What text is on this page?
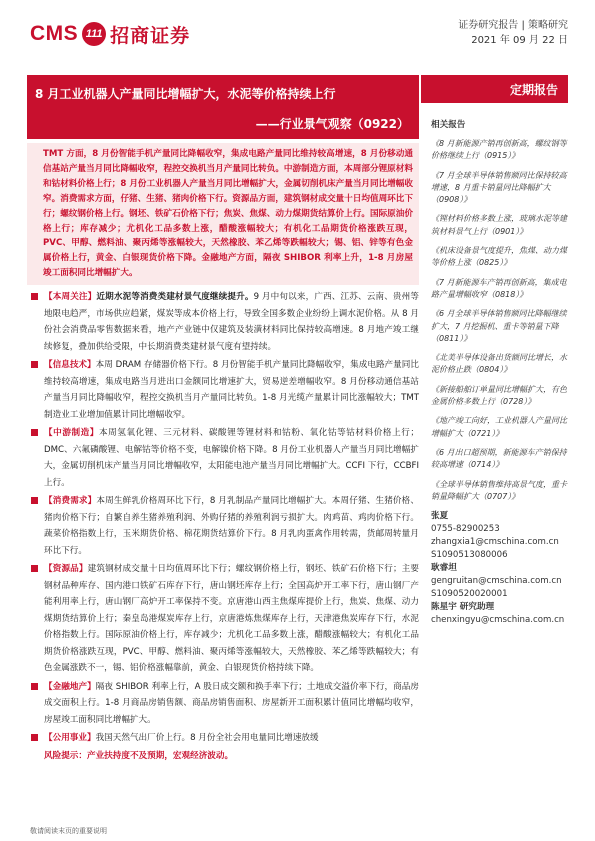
CMS 111 招商证券	证券研究报告 | 策略研究
2021 年 09 月 22 日
8 月工业机器人产量同比增幅扩大，水泥等价格持续上行
——行业景气观察（0922）
定期报告
TMT 方面，8 月份智能手机产量同比降幅收窄，集成电路产量同比维持较高增速，8 月份移动通信基站产量当月同比降幅收窄，程控交换机当月产量同比转负。中游制造方面，本周部分锂原材料和钴材料价格上行；8 月份工业机器人产量当月同比增幅扩大，金属切削机床产量当月同比增幅收窄。消费需求方面，仔猪、生猪、猪肉价格下行。资源品方面，建筑钢材成交量十日均值周环比下行；螺纹钢价格上行。钢坯、铁矿石价格下行；焦炭、焦煤、动力煤期货结算价上行。国际原油价格上行；库存减少；尤机化工品多数上涨，醋酸涨幅较大；有机化工品期货价格涨跌互现，PVC、甲醇、燃料油、聚丙烯等涨幅较大，天然橡胶、苯乙烯等跌幅较大；锡、铝、锌等有色金属价格上行，黄金、白银现货价格下降。金融地产方面，隔夜 SHIBOR 利率上升，1-8 月房屋竣工面积同比增幅扩大。
【本周关注】近期水泥等消费类建材景气度继续提升。9 月中旬以来，广西、江苏、云南、贵州等地限电趋严，市场供应趋紧，煤炭等成本价格上行，导致全国多数企业纷纷上调水泥价格。从 8 月份社会消费品零售数据来看，地产产业链中仅建筑及装潢材料同比保持较高增速。8 月地产竣工继续修复，叠加供给受限，中长期消费类建材景气度有望持续。
【信息技术】本周 DRAM 存储器价格下行。8 月份智能手机产量同比降幅收窄，集成电路产量同比维持较高增速，集成电路当月进出口金额同比增速扩大，贸易逆差增幅收窄。8 月份移动通信基站产量当月同比降幅收窄，程控交换机当月产量同比转负。1-8 月光缆产量累计同比涨幅较大；TMT 制造业工业增加值累计同比增幅收窄。
【中游制造】本周氢氧化锂、三元材料、碳酸锂等锂材料和钴粉、氧化钴等钴材料价格上行；DMC、六氟磷酸锂、电解钴等价格不变，电解镍价格下降。8 月份工业机器人产量当月同比增幅扩大，金属切削机床产量当月同比增幅收窄，太阳能电池产量当月同比增幅扩大。CCFI 下行，CCBFI 上行。
【消费需求】本周生鲜乳价格周环比下行，8 月乳制品产量同比增幅扩大。本周仔猪、生猪价格、猪肉价格下行；自繁自养生猪养殖利润、外购仔猪的养殖利润亏损扩大。肉鸡苗、鸡肉价格下行。蔬菜价格指数上行，玉米期货价格、棉花期货结算价下行。8 月乳肉蛋禽作用转需，货邮周转量月环比下行。
【资源品】建筑钢材成交量十日均值周环比下行；螺纹钢价格上行，钢坯、铁矿石价格下行；主要钢材品种库存、国内港口铁矿石库存下行，唐山钢坯库存上行；全国高炉开工率下行，唐山钢厂产能利用率上行，唐山钢厂高炉开工率保持不变。京唐港山西主焦煤库提价上行，焦炭、焦煤、动力煤期货结算价上行；秦皇岛港煤炭库存上行，京唐港炼焦煤库存上行，天津港焦炭库存下行，水泥价格指数上行。国际原油价格上行，库存减少；尤机化工品多数上涨，醋酸涨幅较大；有机化工品期货价格涨跌互现，PVC、甲醇、燃料油、聚丙烯等涨幅较大，天然橡胶、苯乙烯等跌幅较大；有色金属涨跌不一，锡、铝价格涨幅靠前，黄金、白银现货价格持续下降。
【金融地产】隔夜 SHIBOR 利率上行，A 股日成交额和换手率下行；土地成交溢价率下行，商品房成交面积上行。1-8 月商品房销售额、商品房销售面积、房屋新开工面积累计值同比增幅均收窄，房屋竣工面积同比增幅扩大。
【公用事业】我国天然气出厂价上行。8 月份全社会用电量同比增速放缓
风险提示：产业扶持度不及预期，宏观经济波动。
相关报告
《8 月新能源产销再创新高，螺纹钢等价格继续上行（0915）》
《7 月全球半导体销售额同比保持较高增速，8 月重卡销量同比降幅扩大（0908）》
《锂材料价格多数上涨，玻璃水泥等建筑材料景气上行（0901）》
《机床设备景气度提升，焦煤、动力煤等价格上涨（0825）》
《7 月新能源车产销再创新高，集成电路产量增幅收窄（0818）》
《6 月全球半导体销售额同比降幅继续扩大，7 月挖掘机、重卡等销量下降（0811）》
《北美半导体设备出货额同比增长，水泥价格止跌（0804）》
《新接船舶订单量同比增幅扩大，有色金属价格多数上行（0728）》
《地产竣工向好，工业机器人产量同比增幅扩大（0721）》
《6 月出口超预期，新能源车产销保持较高增速（0714）》
《全球半导体销售维持高景气度，重卡销量降幅扩大（0707）》
张夏
0755-82900253
zhangxia1@cmschina.com.cn
S1090513080006
耿睿坦
gengruitan@cmschina.com.cn
S1090520020001
陈星宇 研究助理
chenxingyu@cmschina.com.cn
敬请阅读末页的重要说明
